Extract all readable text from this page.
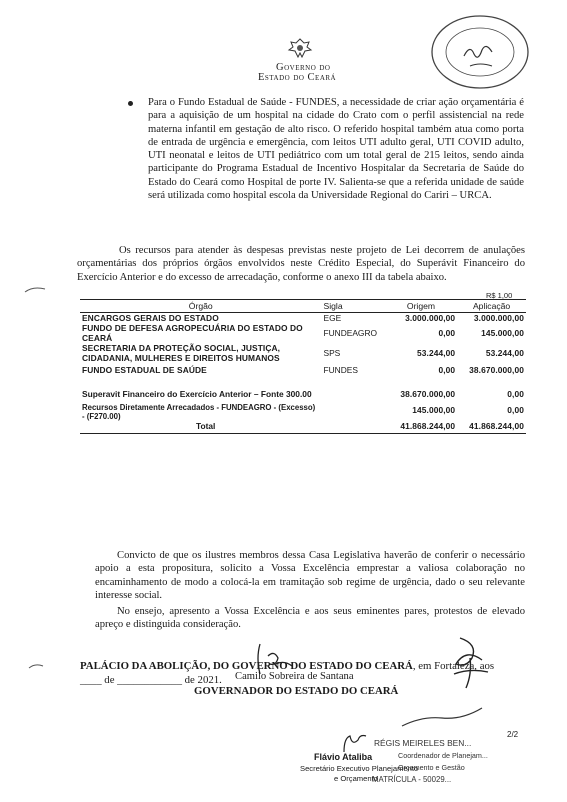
Governo do
Estado do Ceará
Para o Fundo Estadual de Saúde - FUNDES, a necessidade de criar ação orçamentária é para a aquisição de um hospital na cidade do Crato com o perfil assistencial na rede materna infantil em gestação de alto risco. O referido hospital também atua como porta de entrada de urgência e emergência, com leitos UTI adulto geral, UTI COVID adulto, UTI neonatal e leitos de UTI pediátrico com um total geral de 215 leitos, sendo ainda participante do Programa Estadual de Incentivo Hospitalar da Secretaria de Saúde do Estado do Ceará como Hospital de porte IV. Salienta-se que a referida unidade de saúde será utilizada como hospital escola da Universidade Regional do Cariri – URCA.
Os recursos para atender às despesas previstas neste projeto de Lei decorrem de anulações orçamentárias dos próprios órgãos envolvidos neste Crédito Especial, do Superávit Financeiro do Exercício Anterior e do excesso de arrecadação, conforme o anexo III da tabela abaixo.
R$ 1,00
Órgão	Sigla	Origem	Aplicação
ENCARGOS GERAIS DO ESTADO	EGE	3.000.000,00	3.000.000,00
FUNDO DE DEFESA AGROPECUÁRIA DO ESTADO DO CEARÁ	FUNDEAGRO	0,00	145.000,00
SECRETARIA DA PROTEÇÃO SOCIAL, JUSTIÇA, CIDADANIA, MULHERES E DIREITOS HUMANOS	SPS	53.244,00	53.244,00
FUNDO ESTADUAL DE SAÚDE	FUNDES	0,00	38.670.000,00
Superavit Financeiro do Exercício Anterior – Fonte 300.00		38.670.000,00	0,00
Recursos Diretamente Arrecadados - FUNDEAGRO - (Excesso) - (F270.00)		145.000,00	0,00
Total		41.868.244,00	41.868.244,00
Convicto de que os ilustres membros dessa Casa Legislativa haverão de conferir o necessário apoio a esta propositura, solicito a Vossa Excelência emprestar a valiosa colaboração no encaminhamento de modo a colocá-la em tramitação sob regime de urgência, dado o seu relevante interesse social.
No ensejo, apresento a Vossa Excelência e aos seus eminentes pares, protestos de elevado apreço e distinguida consideração.
PALÁCIO DA ABOLIÇÃO, DO GOVERNO DO ESTADO DO CEARÁ, em Fortaleza, aos
____ de ____________ de 2021.	Camilo Sobreira de Santana
GOVERNADOR DO ESTADO DO CEARÁ
2/2
RÉGIS MEIRELES BEN...
Coordenador de Planejam...
Orçamento e Gestão
MATRÍCULA - 50029...
Flávio Ataliba
Secretário Executivo Planejamento
e Orçamento
